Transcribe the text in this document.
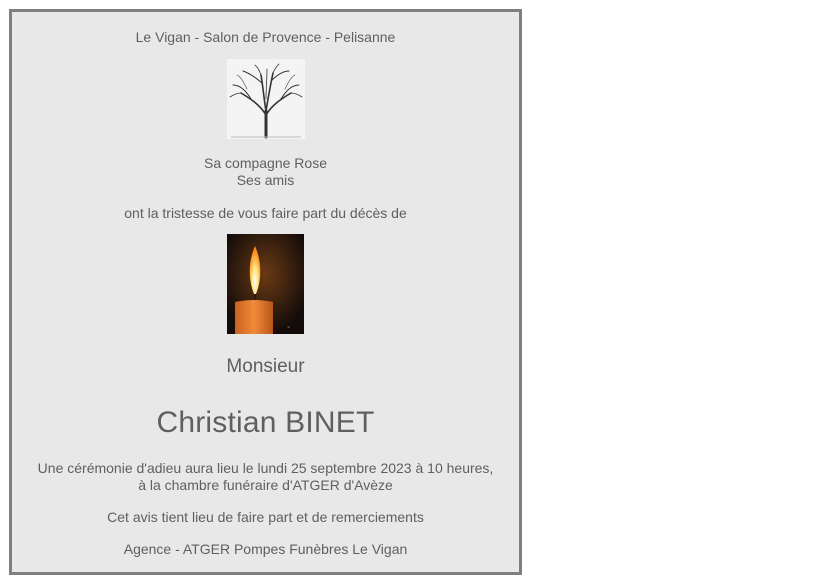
Le Vigan - Salon de Provence - Pelisanne
Sa compagne Rose
Ses amis
ont la tristesse de vous faire part du décès de
~
Monsieur
Christian BINET
Une cérémonie d'adieu aura lieu le lundi 25 septembre 2023 à 10 heures,
à la chambre funéraire d'ATGER d'Avèze
Cet avis tient lieu de faire part et de remerciements
Agence - ATGER Pompes Funèbres Le Vigan
